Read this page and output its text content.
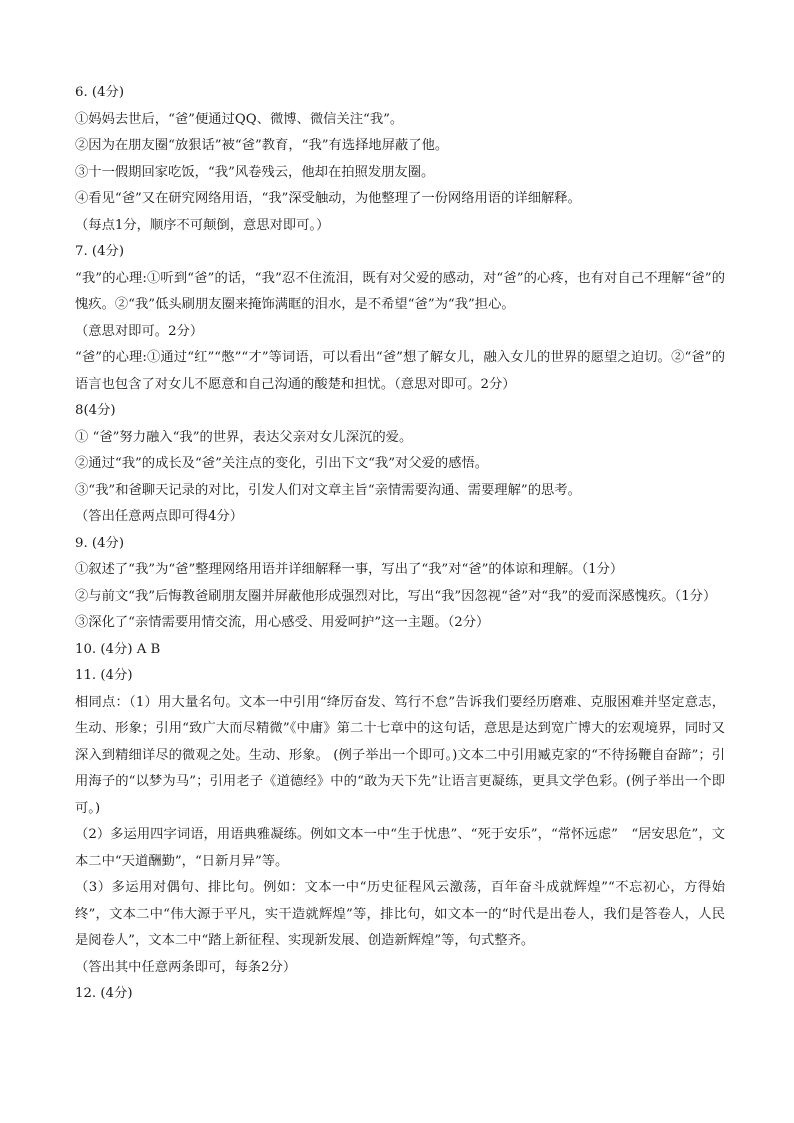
6. (4分)
①妈妈去世后，“爸”便通过QQ、微博、微信关注“我”。
②因为在朋友圈“放狠话”被“爸”教育，“我”有选择地屏蔽了他。
③十一假期回家吃饭，“我”风卷残云，他却在拍照发朋友圈。
④看见“爸”又在研究网络用语，“我”深受触动，为他整理了一份网络用语的详细解释。
（每点1分，顺序不可颠倒，意思对即可。）
7. (4分)
“我”的心理:①听到“爸”的话，“我”忍不住流泪，既有对父爱的感动，对“爸”的心疼，也有对自己不理解“爸”的愧疚。②“我”低头刷朋友圈来掩饰满眶的泪水，是不希望“爸”为“我”担心。
（意思对即可。2分）
“爸”的心理:①通过“红”“憋”“才”等词语，可以看出“爸”想了解女儿，融入女儿的世界的愿望之迫切。②“爸”的语言也包含了对女儿不愿意和自己沟通的酸楚和担忧。（意思对即可。2分）
8(4分)
① “爸”努力融入“我”的世界，表达父亲对女儿深沉的爱。
②通过“我”的成长及“爸”关注点的变化，引出下文“我”对父爱的感悟。
③“我”和爸聊天记录的对比，引发人们对文章主旨“亲情需要沟通、需要理解”的思考。
（答出任意两点即可得4分）
9. (4分)
①叙述了“我”为“爸”整理网络用语并详细解释一事，写出了“我”对“爸”的体谅和理解。（1分）
②与前文“我”后悔教爸刷朋友圈并屏蔽他形成强烈对比，写出“我”因忽视“爸”对“我”的爱而深感愧疚。（1分）
③深化了“亲情需要用情交流，用心感受、用爱呵护”这一主题。（2分）
10. (4分) A B
11. (4分)
相同点：（1）用大量名句。文本一中引用“绛厉奋发、笃行不怠”告诉我们要经历磨难、克服困难并坚定意志，生动、形象；引用“致广大而尽精微”《中庸》第二十七章中的这句话，意思是达到宽广博大的宏观境界，同时又深入到精细详尽的微观之处。生动、形象。 (例子举出一个即可。)文本二中引用臧克家的“不待扬鞭自奋蹄”；引用海子的“以梦为马”；引用老子《道德经》中的“敢为天下先”让语言更凝练，更具文学色彩。(例子举出一个即可。)
（2）多运用四字词语，用语典雅凝练。例如文本一中“生于忧患”、“死于安乐”，“常怀远虑”　“居安思危”，文本二中“天道酬勤”，“日新月异”等。
（3）多运用对偶句、排比句。例如：文本一中“历史征程风云激荡，百年奋斗成就辉煌”“不忘初心，方得始终”，文本二中“伟大源于平凡，实干造就辉煌”等，排比句，如文本一的“时代是出卷人，我们是答卷人，人民是阅卷人”，文本二中“踏上新征程、实现新发展、创造新辉煌”等，句式整齐。
（答出其中任意两条即可，每条2分）
12. (4分)
